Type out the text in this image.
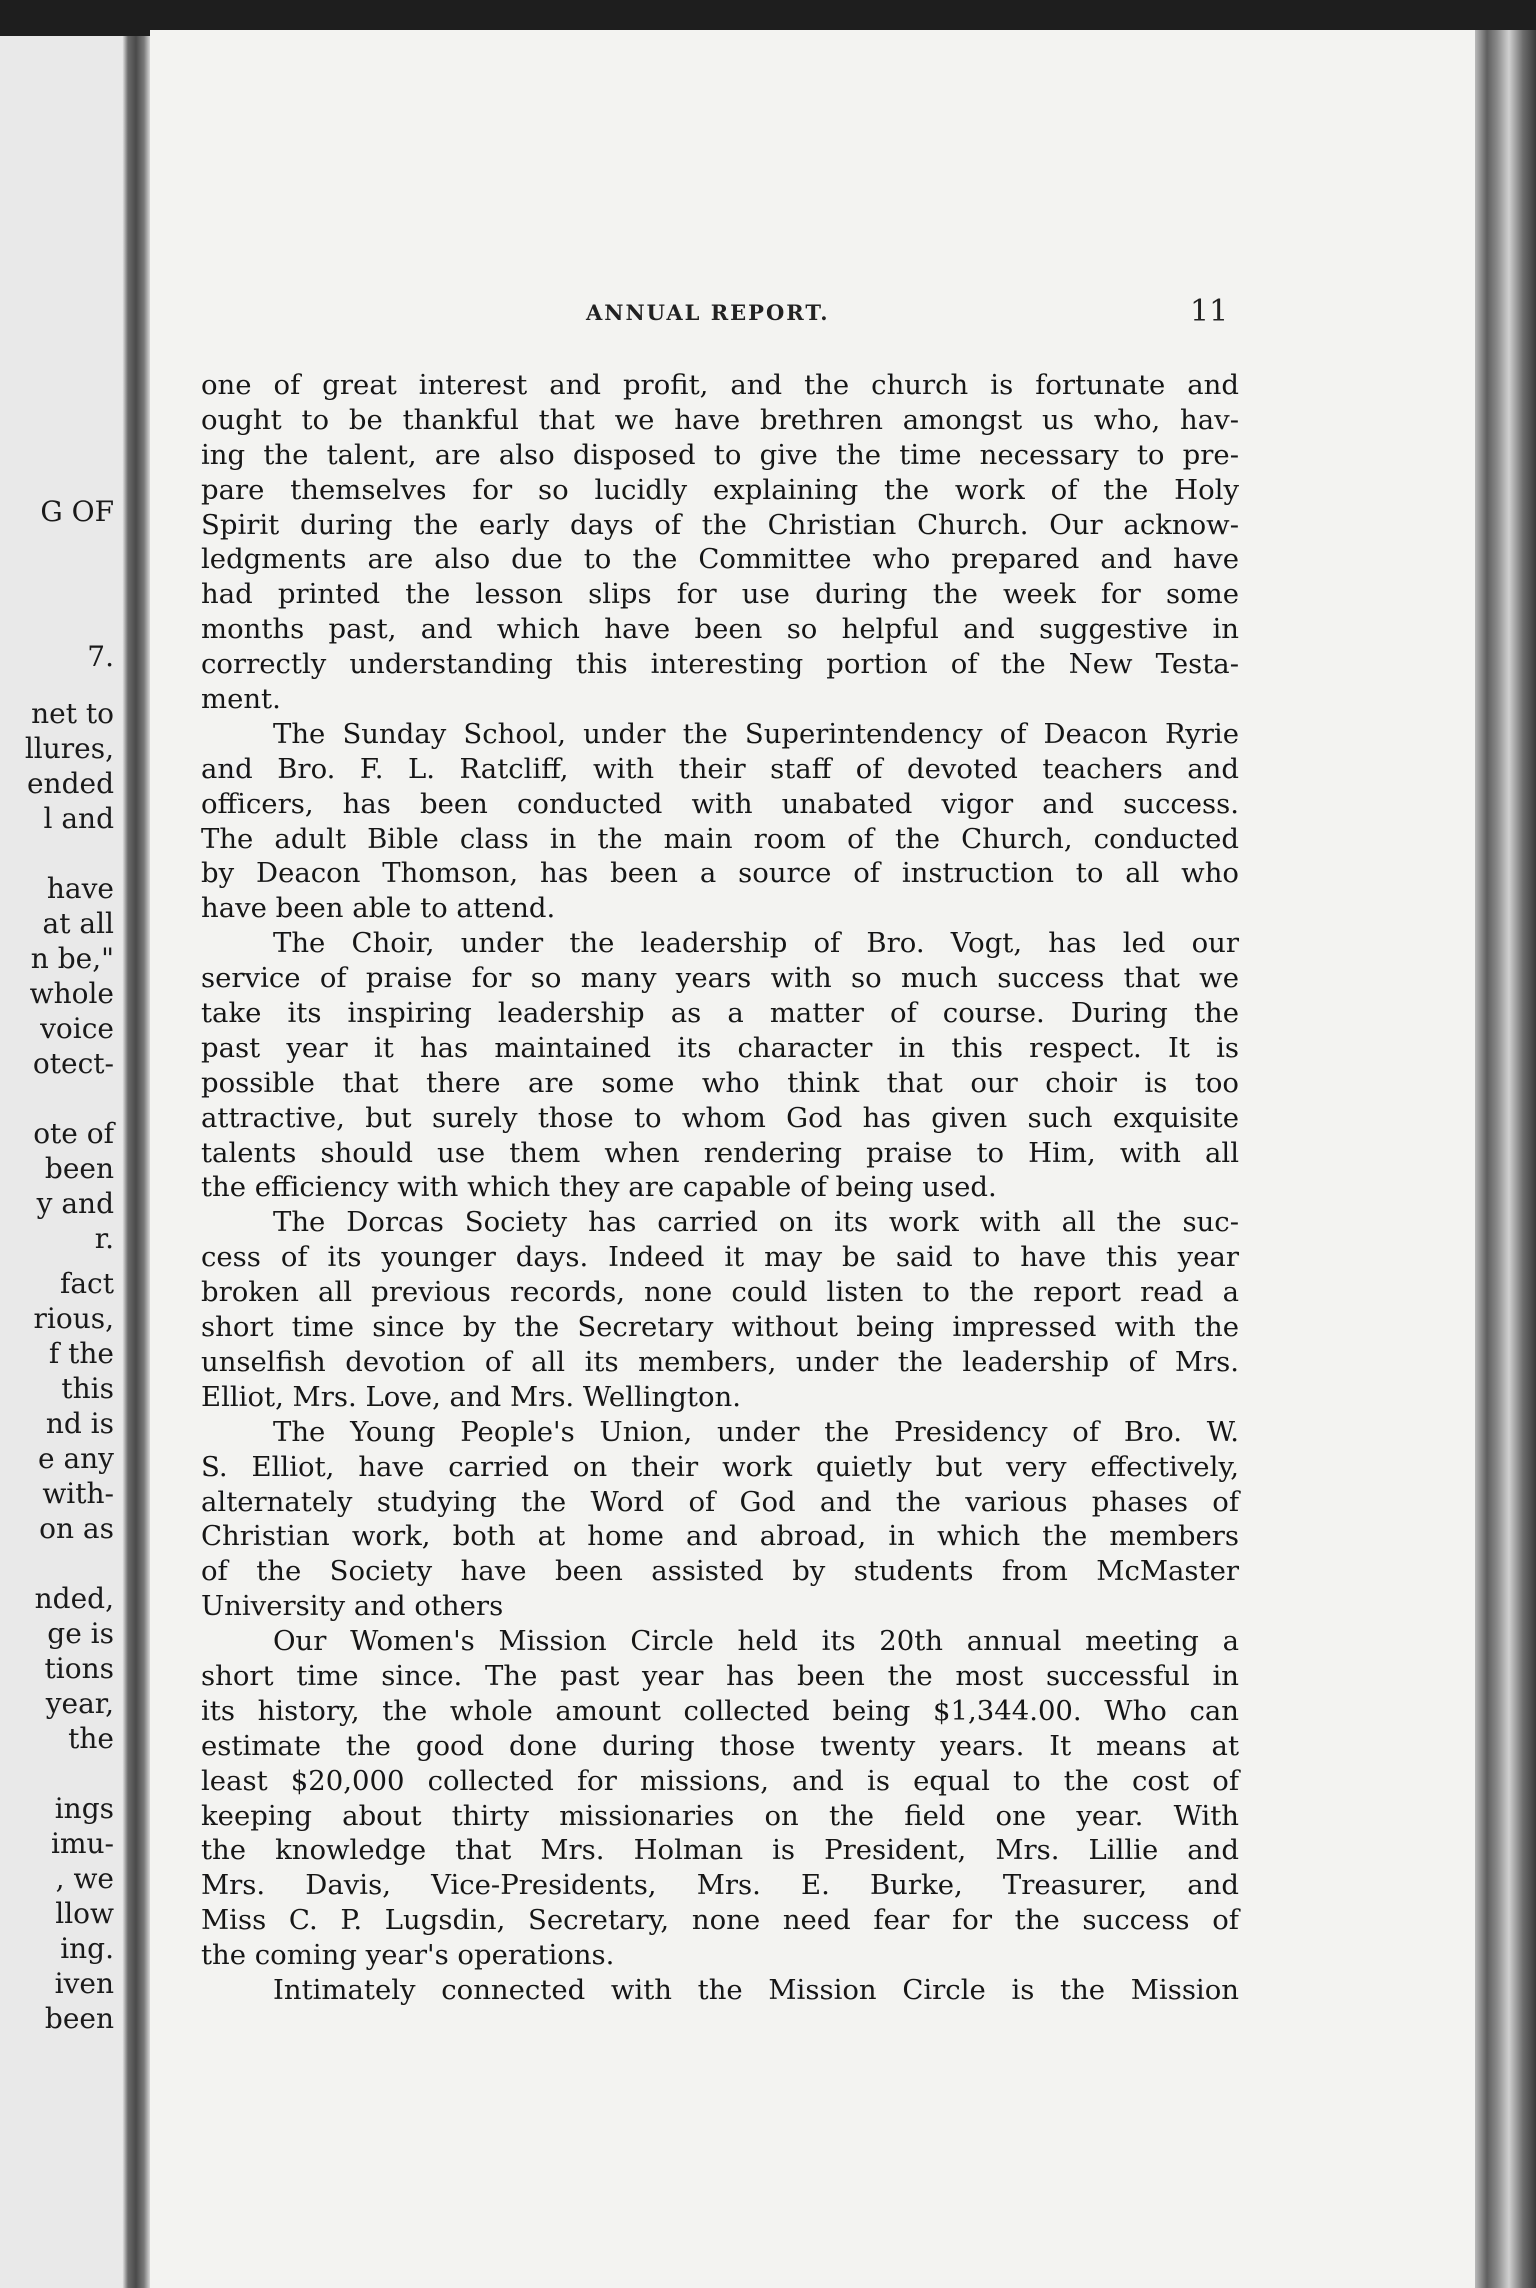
G OF
7.
net to
llures,
ended
l and
have
at all
n be,"
whole
voice
otect-
ote of
been
y and
r.
fact
rious,
f the
this
nd is
e any
with-
on as
nded,
ge is
tions
year,
the
ings
imu-
, we
llow
ing.
iven
been
ANNUAL REPORT.	11
one of great interest and profit, and the church is fortunate and
ought to be thankful that we have brethren amongst us who, hav-
ing the talent, are also disposed to give the time necessary to pre-
pare themselves for so lucidly explaining the work of the Holy
Spirit during the early days of the Christian Church. Our acknow-
ledgments are also due to the Committee who prepared and have
had printed the lesson slips for use during the week for some
months past, and which have been so helpful and suggestive in
correctly understanding this interesting portion of the New Testa-
ment.
The Sunday School, under the Superintendency of Deacon Ryrie
and Bro. F. L. Ratcliff, with their staff of devoted teachers and
officers, has been conducted with unabated vigor and success.
The adult Bible class in the main room of the Church, conducted
by Deacon Thomson, has been a source of instruction to all who
have been able to attend.
The Choir, under the leadership of Bro. Vogt, has led our
service of praise for so many years with so much success that we
take its inspiring leadership as a matter of course. During the
past year it has maintained its character in this respect. It is
possible that there are some who think that our choir is too
attractive, but surely those to whom God has given such exquisite
talents should use them when rendering praise to Him, with all
the efficiency with which they are capable of being used.
The Dorcas Society has carried on its work with all the suc-
cess of its younger days. Indeed it may be said to have this year
broken all previous records, none could listen to the report read a
short time since by the Secretary without being impressed with the
unselfish devotion of all its members, under the leadership of Mrs.
Elliot, Mrs. Love, and Mrs. Wellington.
The Young People's Union, under the Presidency of Bro. W.
S. Elliot, have carried on their work quietly but very effectively,
alternately studying the Word of God and the various phases of
Christian work, both at home and abroad, in which the members
of the Society have been assisted by students from McMaster
University and others
Our Women's Mission Circle held its 20th annual meeting a
short time since. The past year has been the most successful in
its history, the whole amount collected being $1,344.00. Who can
estimate the good done during those twenty years. It means at
least $20,000 collected for missions, and is equal to the cost of
keeping about thirty missionaries on the field one year. With
the knowledge that Mrs. Holman is President, Mrs. Lillie and
Mrs. Davis, Vice-Presidents, Mrs. E. Burke, Treasurer, and
Miss C. P. Lugsdin, Secretary, none need fear for the success of
the coming year's operations.
Intimately connected with the Mission Circle is the Mission
